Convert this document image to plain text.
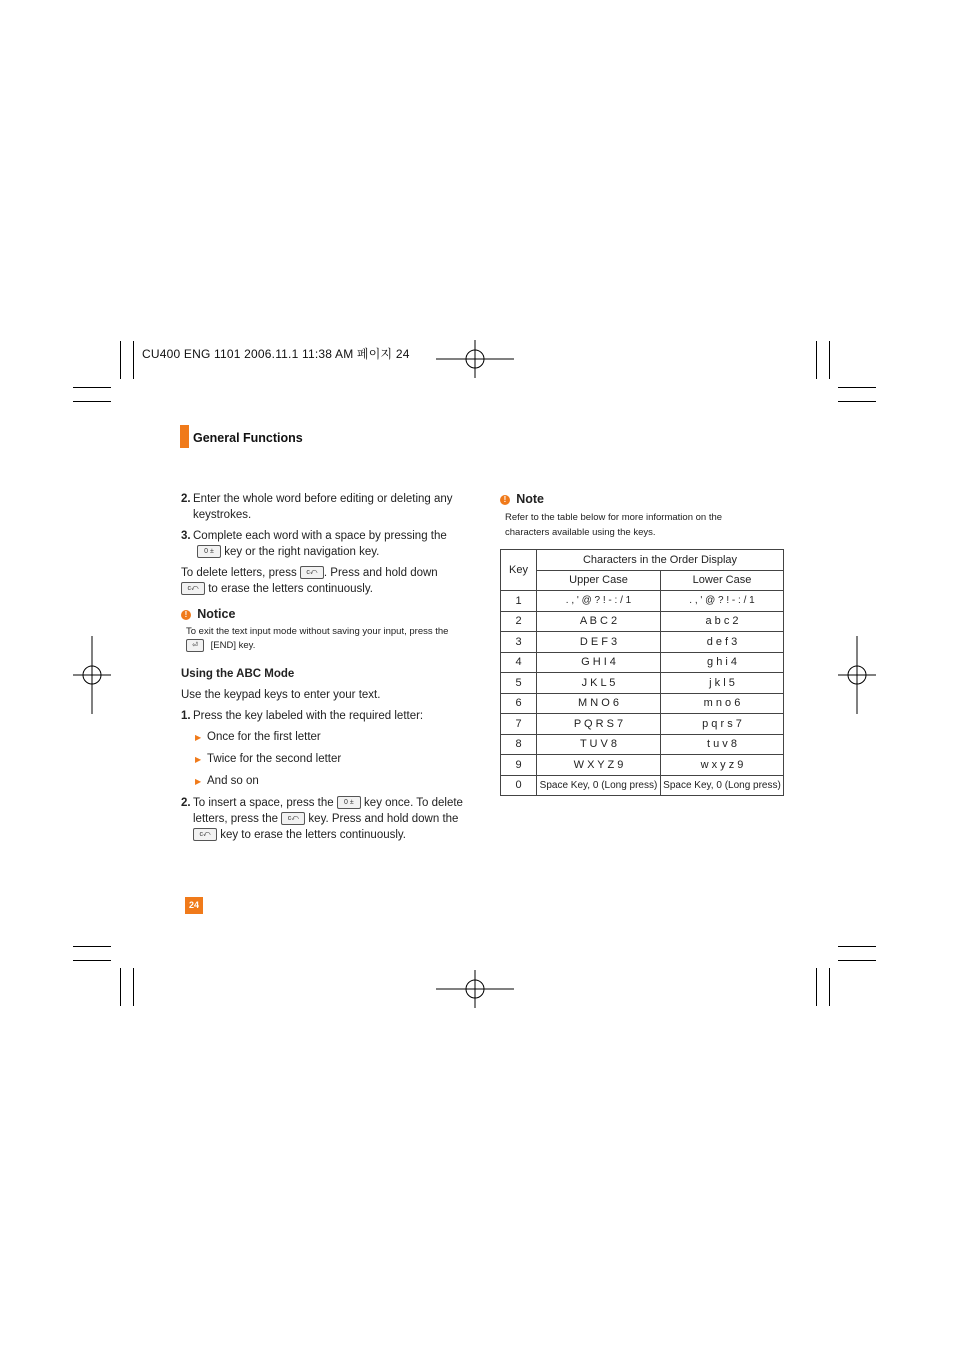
CU400 ENG 1101 2006.11.1 11:38 AM 페이지 24
General Functions
2. Enter the whole word before editing or deleting any keystrokes.
3. Complete each word with a space by pressing the
0 ± key or the right navigation key.

To delete letters, press c⤺ . Press and hold down
c⤺ to erase the letters continuously.

! Notice
To exit the text input mode without saving your input, press the
⏎ [END] key.

Using the ABC Mode

Use the keypad keys to enter your text.

1. Press the key labeled with the required letter:
▶ Once for the first letter
▶ Twice for the second letter
▶ And so on
2. To insert a space, press the 0 ± key once. To delete letters, press the c⤺ key. Press and hold down the c⤺ key to erase the letters continuously.
! Note
Refer to the table below for more information on the characters available using the keys.
Key	Characters in the Order Display	
	Upper Case	Lower Case
1	. , ' @ ? ! - : / 1	. , ' @ ? ! - : / 1
2	A B C 2	a b c 2
3	D E F 3	d e f 3
4	G H I 4	g h i 4
5	J K L 5	j k l 5
6	M N O 6	m n o 6
7	P Q R S 7	p q r s 7
8	T U V 8	t u v 8
9	W X Y Z 9	w x y z 9
0	Space Key, 0 (Long press)	Space Key, 0 (Long press)
24
